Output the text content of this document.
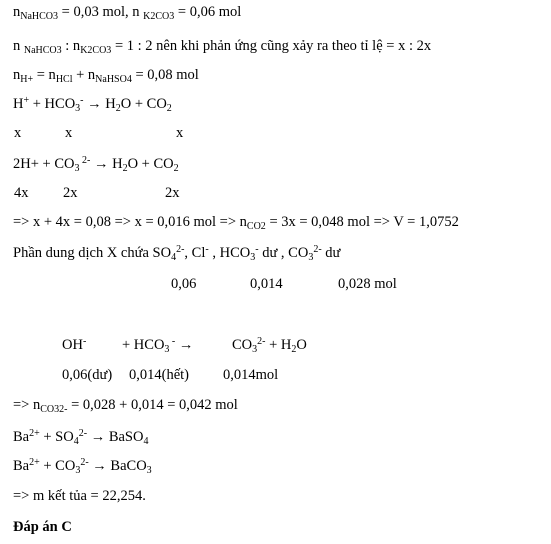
$n_{NaHCO3} = 0,03$ mol, n $_{K2CO3}$ = 0,06 mol
n $_{NaHCO3}$ : $n_{K2CO3} = 1$ : 2 nên khi phản ứng cũng xảy ra theo tỉ lệ = x : 2x
$n_{H+} = n_{HCl} + n_{NaHSO4} = 0,08$ mol
$H^+ + HCO_3^- \to H_2O + CO_2$
x	x	x
$2H+ + CO_3$ $^{2-} \to H_2O + CO_2$
4x 2x	2x
=> x + 4x = 0,08 => x = 0,016 mol => $n_{CO2} = 3x = 0,048$ mol => V = 1,0752
Phần dung dịch X chứa $SO_4^{2-}$, Cl- , $HCO_3^-$ dư , $CO_3^{2-}$ dư
0,06	0,014	0,028 mol
$OH^- + HCO_3$ - →	$CO_3^{2-} + H_2O$
0,06(dư) 0,014(hết) 0,014mol
=> $n_{CO32-} = 0,028 + 0,014 = 0,042$ mol
$Ba^{2+} + SO_4^{2-}$ → BaSO$_4$
$Ba^{2+} + CO_3^{2-}$ → BaCO$_3$
=> m kết tủa = 22,254.
Đáp án C
